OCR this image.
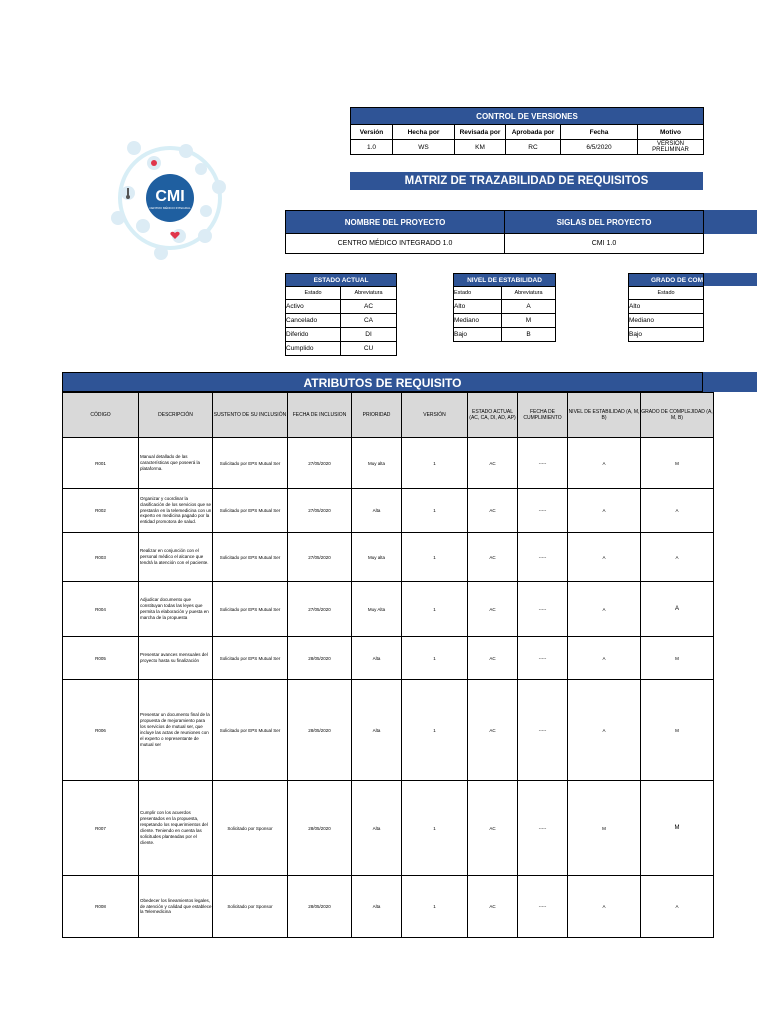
CMI
CENTRO MÉDICO INTEGRAL
CONTROL DE VERSIONES					
Versión	Hecha por	Revisada por	Aprobada por	Fecha	Motivo
1.0	WS	KM	RC	6/5/2020	VERSIÓN PRELIMINAR
MATRIZ DE TRAZABILIDAD DE REQUISITOS
NOMBRE DEL PROYECTO	SIGLAS DEL PROYECTO
CENTRO MÉDICO INTEGRADO 1.0	CMI 1.0
ESTADO ACTUAL	
Estado	Abreviatura
Activo	AC
Cancelado	CA
Diferido	DI
Cumplido	CU
NIVEL DE ESTABILIDAD	
Estado	Abreviatura
Alto	A
Mediano	M
Bajo	B
GRADO DE COM
Estado
Alto
Mediano
Bajo
ATRIBUTOS DE REQUISITO
CÓDIGO	DESCRIPCIÓN	SUSTENTO DE SU INCLUSIÓN	FECHA DE INCLUSION	PRIORIDAD	VERSIÓN	ESTADO ACTUAL (AC, CA, DI, AD, AP)	FECHA DE CUMPLIMIENTO	NIVEL DE ESTABILIDAD (A, M, B)	GRADO DE COMPLEJIDAD (A, M, B)
R001	Manual detallado de las características que poseerá la plataforma.	Solicitado por EPS Mutual Ser	27/05/2020	Muy alta	1	AC	-----	A	M
R002	Organizar y coordinar la clasificación de los servicios que se prestarán en la telemedicina con un experto en medicina pagado por la entidad promotora de salud.	Solicitado por EPS Mutual Ser	27/05/2020	Alta	1	AC	-----	A	A
R003	Realizar en conjunción con el personal médico el alcance que tendrá la atención con el paciente.	Solicitado por EPS Mutual Ser	27/05/2020	Muy alta	1	AC	-----	A	A
R004	Adjudicar documento que constituyan todas las leyes que permita la elaboración y puesta en marcha de la propuesta	Solicitado por EPS Mutual Ser	27/05/2020	Muy Alta	1	AC	-----	A	A
R005	Presentar avances mensuales del proyecto hasta su finalización	Solicitado por EPS Mutual Ser	28/05/2020	Alta	1	AC	-----	A	M
R006	Presentar un documento final de la propuesta de mejoramiento para los servicios de mutual ser, que incluye las actas de reuniones con el experto o representante de mutual ser	Solicitado por EPS Mutual Ser	28/05/2020	Alta	1	AC	-----	A	M
R007	Cumplir con los acuerdos presentados en la propuesta, respetando los requerimientos del cliente. Teniendo en cuenta las solicitudes planteadas por el cliente.	Solicitado por Sponsor	28/05/2020	Alta	1	AC	-----	M	M
R008	Obedecer los lineamientos legales, de atención y calidad que establece la Telemedicina	Solicitado por Sponsor	28/05/2020	Alta	1	AC	-----	A	A
